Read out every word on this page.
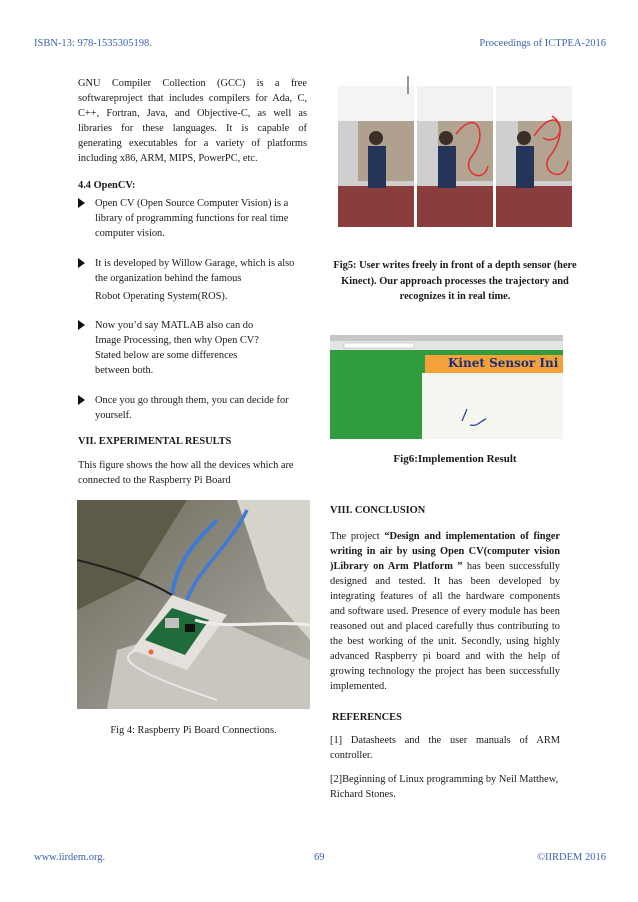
ISBN-13: 978-1535305198.	Proceedings of ICTPEA-2016
GNU Compiler Collection (GCC) is a free softwareproject that includes compilers for Ada, C, C++, Fortran, Java, and Objective-C, as well as libraries for these languages. It is capable of generating executables for a variety of platforms including x86, ARM, MIPS, PowerPC, etc.
4.4 OpenCV:
Open CV (Open Source Computer Vision) is a
library of programming functions for real time
computer vision.
It is developed by Willow Garage, which is also
the organization behind the famous
Robot Operating System(ROS).
Now you’d say MATLAB also can do
Image Processing, then why Open CV?
Stated below are some differences
between both.
Once you go through them, you can decide for
yourself.
VII. EXPERIMENTAL RESULTS
This figure shows the how all the devices which are connected to the Raspberry Pi Board
Fig 4: Raspberry Pi Board Connections.
Fig5: User writes freely in front of a depth sensor (here Kinect). Our approach processes the trajectory and recognizes it in real time.
Kinet Sensor Ini
Fig6:Implemention Result
VIII. CONCLUSION
The project “Design and implementation of finger writing in air by using Open CV(computer vision )Library on Arm Platform ” has been successfully designed and tested. It has been developed by integrating features of all the hardware components and software used. Presence of every module has been reasoned out and placed carefully thus contributing to the best working of the unit. Secondly, using highly advanced Raspberry pi board and with the help of growing technology the project has been successfully implemented.
REFERENCES
[1] Datasheets and the user manuals of ARM controller.
[2]Beginning of Linux programming by Neil Matthew, Richard Stones.
www.iirdem.org.	69	©IIRDEM 2016
